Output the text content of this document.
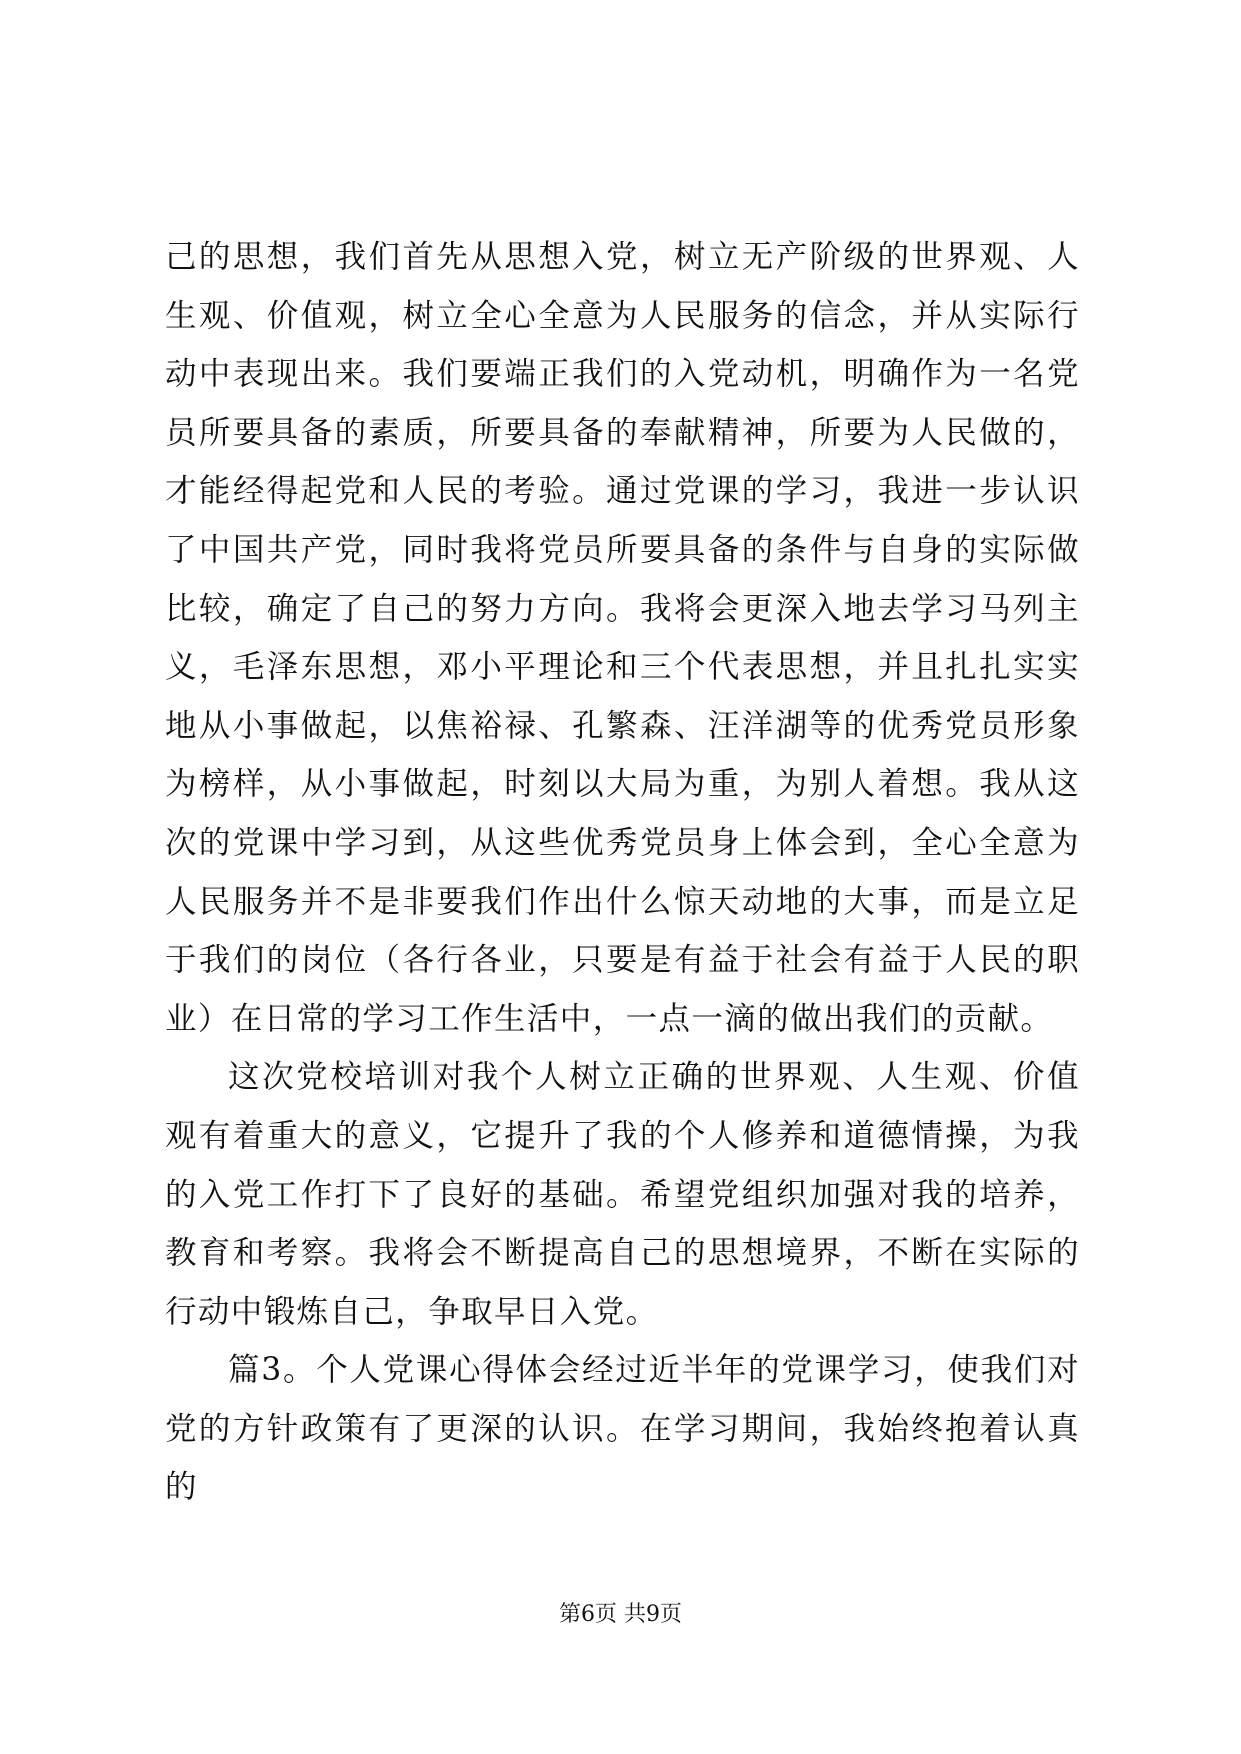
己的思想，我们首先从思想入党，树立无产阶级的世界观、人生观、价值观，树立全心全意为人民服务的信念，并从实际行动中表现出来。我们要端正我们的入党动机，明确作为一名党员所要具备的素质，所要具备的奉献精神，所要为人民做的，才能经得起党和人民的考验。通过党课的学习，我进一步认识了中国共产党，同时我将党员所要具备的条件与自身的实际做比较，确定了自己的努力方向。我将会更深入地去学习马列主义，毛泽东思想，邓小平理论和三个代表思想，并且扎扎实实地从小事做起，以焦裕禄、孔繁森、汪洋湖等的优秀党员形象为榜样，从小事做起，时刻以大局为重，为别人着想。我从这次的党课中学习到，从这些优秀党员身上体会到，全心全意为人民服务并不是非要我们作出什么惊天动地的大事，而是立足于我们的岗位（各行各业，只要是有益于社会有益于人民的职业）在日常的学习工作生活中，一点一滴的做出我们的贡献。

这次党校培训对我个人树立正确的世界观、人生观、价值观有着重大的意义，它提升了我的个人修养和道德情操，为我的入党工作打下了良好的基础。希望党组织加强对我的培养，教育和考察。我将会不断提高自己的思想境界，不断在实际的行动中锻炼自己，争取早日入党。

篇3。个人党课心得体会经过近半年的党课学习，使我们对党的方针政策有了更深的认识。在学习期间，我始终抱着认真的

第6页 共9页
